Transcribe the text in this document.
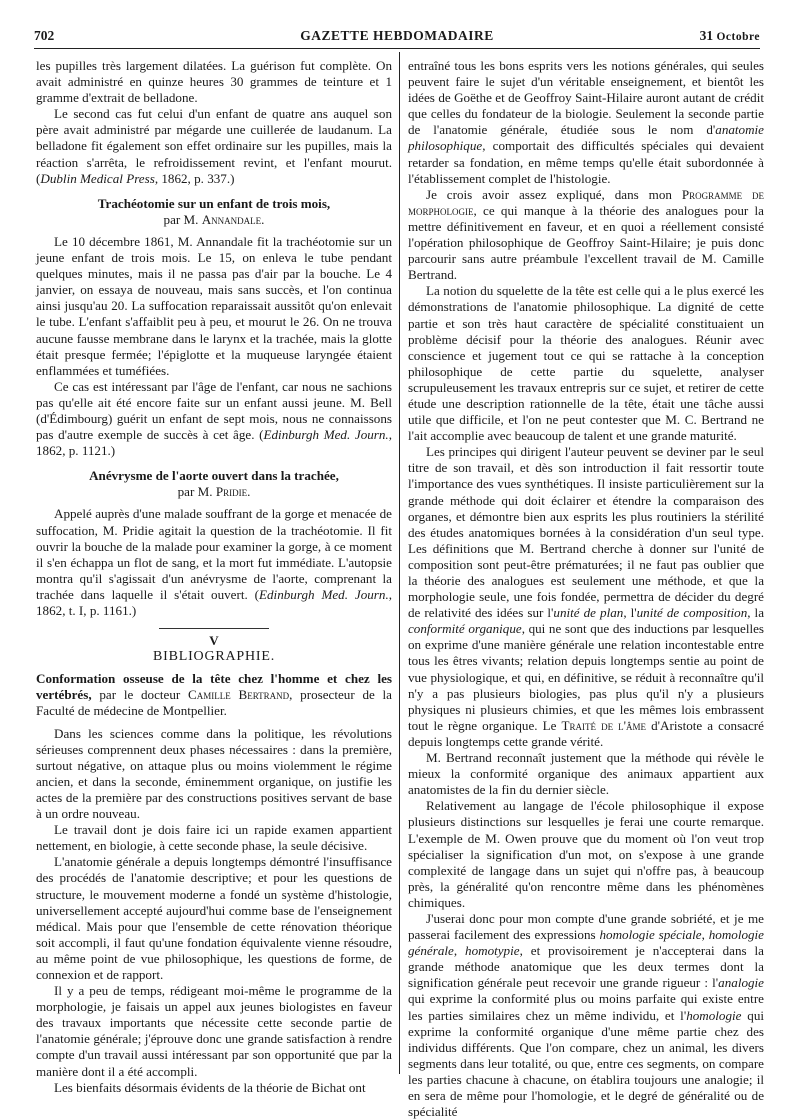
702	GAZETTE HEBDOMADAIRE	31 Octobre

les pupilles très largement dilatées. La guérison fut complète. On avait administré en quinze heures 30 grammes de teinture et 1 gramme d'extrait de belladone.

Le second cas fut celui d'un enfant de quatre ans auquel son père avait administré par mégarde une cuillerée de laudanum. La belladone fit également son effet ordinaire sur les pupilles, mais la réaction s'arrêta, le refroidissement revint, et l'enfant mourut. (Dublin Medical Press, 1862, p. 337.)

Trachéotomie sur un enfant de trois mois,

par M. Annandale.

Le 10 décembre 1861, M. Annandale fit la trachéotomie sur un jeune enfant de trois mois. Le 15, on enleva le tube pendant quelques minutes, mais il ne passa pas d'air par la bouche. Le 4 janvier, on essaya de nouveau, mais sans succès, et l'on continua ainsi jusqu'au 20. La suffocation reparaissait aussitôt qu'on enlevait le tube. L'enfant s'affaiblit peu à peu, et mourut le 26. On ne trouva aucune fausse membrane dans le larynx et la trachée, mais la glotte était presque fermée; l'épiglotte et la muqueuse laryngée étaient enflammées et tuméfiées.

Ce cas est intéressant par l'âge de l'enfant, car nous ne sachions pas qu'elle ait été encore faite sur un enfant aussi jeune. M. Bell (d'Édimbourg) guérit un enfant de sept mois, nous ne connaissons pas d'autre exemple de succès à cet âge. (Edinburgh Med. Journ., 1862, p. 1121.)

Anévrysme de l'aorte ouvert dans la trachée,

par M. Pridie.

Appelé auprès d'une malade souffrant de la gorge et menacée de suffocation, M. Pridie agitait la question de la trachéotomie. Il fit ouvrir la bouche de la malade pour examiner la gorge, à ce moment il s'en échappa un flot de sang, et la mort fut immédiate. L'autopsie montra qu'il s'agissait d'un anévrysme de l'aorte, comprenant la trachée dans laquelle il s'était ouvert. (Edinburgh Med. Journ., 1862, t. I, p. 1161.)

V

BIBLIOGRAPHIE.

Conformation osseuse de la tête chez l'homme et chez les vertébrés, par le docteur Camille Bertrand, prosecteur de la Faculté de médecine de Montpellier.

Dans les sciences comme dans la politique, les révolutions sérieuses comprennent deux phases nécessaires : dans la première, surtout négative, on attaque plus ou moins violemment le régime ancien, et dans la seconde, éminemment organique, on justifie les actes de la première par des constructions positives servant de base à un ordre nouveau.

Le travail dont je dois faire ici un rapide examen appartient nettement, en biologie, à cette seconde phase, la seule décisive.

L'anatomie générale a depuis longtemps démontré l'insuffisance des procédés de l'anatomie descriptive; et pour les questions de structure, le mouvement moderne a fondé un système d'histologie, universellement accepté aujourd'hui comme base de l'enseignement médical. Mais pour que l'ensemble de cette rénovation théorique soit accompli, il faut qu'une fondation équivalente vienne résoudre, au même point de vue philosophique, les questions de forme, de connexion et de rapport.

Il y a peu de temps, rédigeant moi-même le programme de la morphologie, je faisais un appel aux jeunes biologistes en faveur des travaux importants que nécessite cette seconde partie de l'anatomie générale; j'éprouve donc une grande satisfaction à rendre compte d'un travail aussi intéressant par son opportunité que par la manière dont il a été accompli.

Les bienfaits désormais évidents de la théorie de Bichat ont

entraîné tous les bons esprits vers les notions générales, qui seules peuvent faire le sujet d'un véritable enseignement, et bientôt les idées de Goëthe et de Geoffroy Saint-Hilaire auront autant de crédit que celles du fondateur de la biologie. Seulement la seconde partie de l'anatomie générale, étudiée sous le nom d'anatomie philosophique, comportait des difficultés spéciales qui devaient retarder sa fondation, en même temps qu'elle était subordonnée à l'établissement complet de l'histologie.

Je crois avoir assez expliqué, dans mon Programme de morphologie, ce qui manque à la théorie des analogues pour la mettre définitivement en faveur, et en quoi a réellement consisté l'opération philosophique de Geoffroy Saint-Hilaire; je puis donc parcourir sans autre préambule l'excellent travail de M. Camille Bertrand.

La notion du squelette de la tête est celle qui a le plus exercé les démonstrations de l'anatomie philosophique. La dignité de cette partie et son très haut caractère de spécialité constituaient un problème décisif pour la théorie des analogues. Réunir avec conscience et jugement tout ce qui se rattache à la conception philosophique de cette partie du squelette, analyser scrupuleusement les travaux entrepris sur ce sujet, et retirer de cette étude une description rationnelle de la tête, était une tâche aussi utile que difficile, et l'on ne peut contester que M. C. Bertrand ne l'ait accomplie avec beaucoup de talent et une grande maturité.

Les principes qui dirigent l'auteur peuvent se deviner par le seul titre de son travail, et dès son introduction il fait ressortir toute l'importance des vues synthétiques. Il insiste particulièrement sur la grande méthode qui doit éclairer et étendre la comparaison des organes, et démontre bien aux esprits les plus routiniers la stérilité des études anatomiques bornées à la considération d'un seul type. Les définitions que M. Bertrand cherche à donner sur l'unité de composition sont peut-être prématurées; il ne faut pas oublier que la théorie des analogues est seulement une méthode, et que la morphologie seule, une fois fondée, permettra de décider du degré de relativité des idées sur l'unité de plan, l'unité de composition, la conformité organique, qui ne sont que des inductions par lesquelles on exprime d'une manière générale une relation incontestable entre tous les êtres vivants; relation depuis longtemps sentie au point de vue physiologique, et qui, en définitive, se réduit à reconnaître qu'il n'y a pas plusieurs biologies, pas plus qu'il n'y a plusieurs physiques ni plusieurs chimies, et que les mêmes lois embrassent tout le règne organique. Le Traité de l'âme d'Aristote a consacré depuis longtemps cette grande vérité.

M. Bertrand reconnaît justement que la méthode qui révèle le mieux la conformité organique des animaux appartient aux anatomistes de la fin du dernier siècle.

Relativement au langage de l'école philosophique il expose plusieurs distinctions sur lesquelles je ferai une courte remarque. L'exemple de M. Owen prouve que du moment où l'on veut trop spécialiser la signification d'un mot, on s'expose à une grande complexité de langage dans un sujet qui n'offre pas, à beaucoup près, la généralité qu'on rencontre même dans les phénomènes chimiques.

J'userai donc pour mon compte d'une grande sobriété, et je me passerai facilement des expressions homologie spéciale, homologie générale, homotypie, et provisoirement je n'accepterai dans la grande méthode anatomique que les deux termes dont la signification générale peut recevoir une grande rigueur : l'analogie qui exprime la conformité plus ou moins parfaite qui existe entre les parties similaires chez un même individu, et l'homologie qui exprime la conformité organique d'une même partie chez des individus différents. Que l'on compare, chez un animal, les divers segments dans leur totalité, ou que, entre ces segments, on compare les parties chacune à chacune, on établira toujours une analogie; il en sera de même pour l'homologie, et le degré de généralité ou de spécialité
